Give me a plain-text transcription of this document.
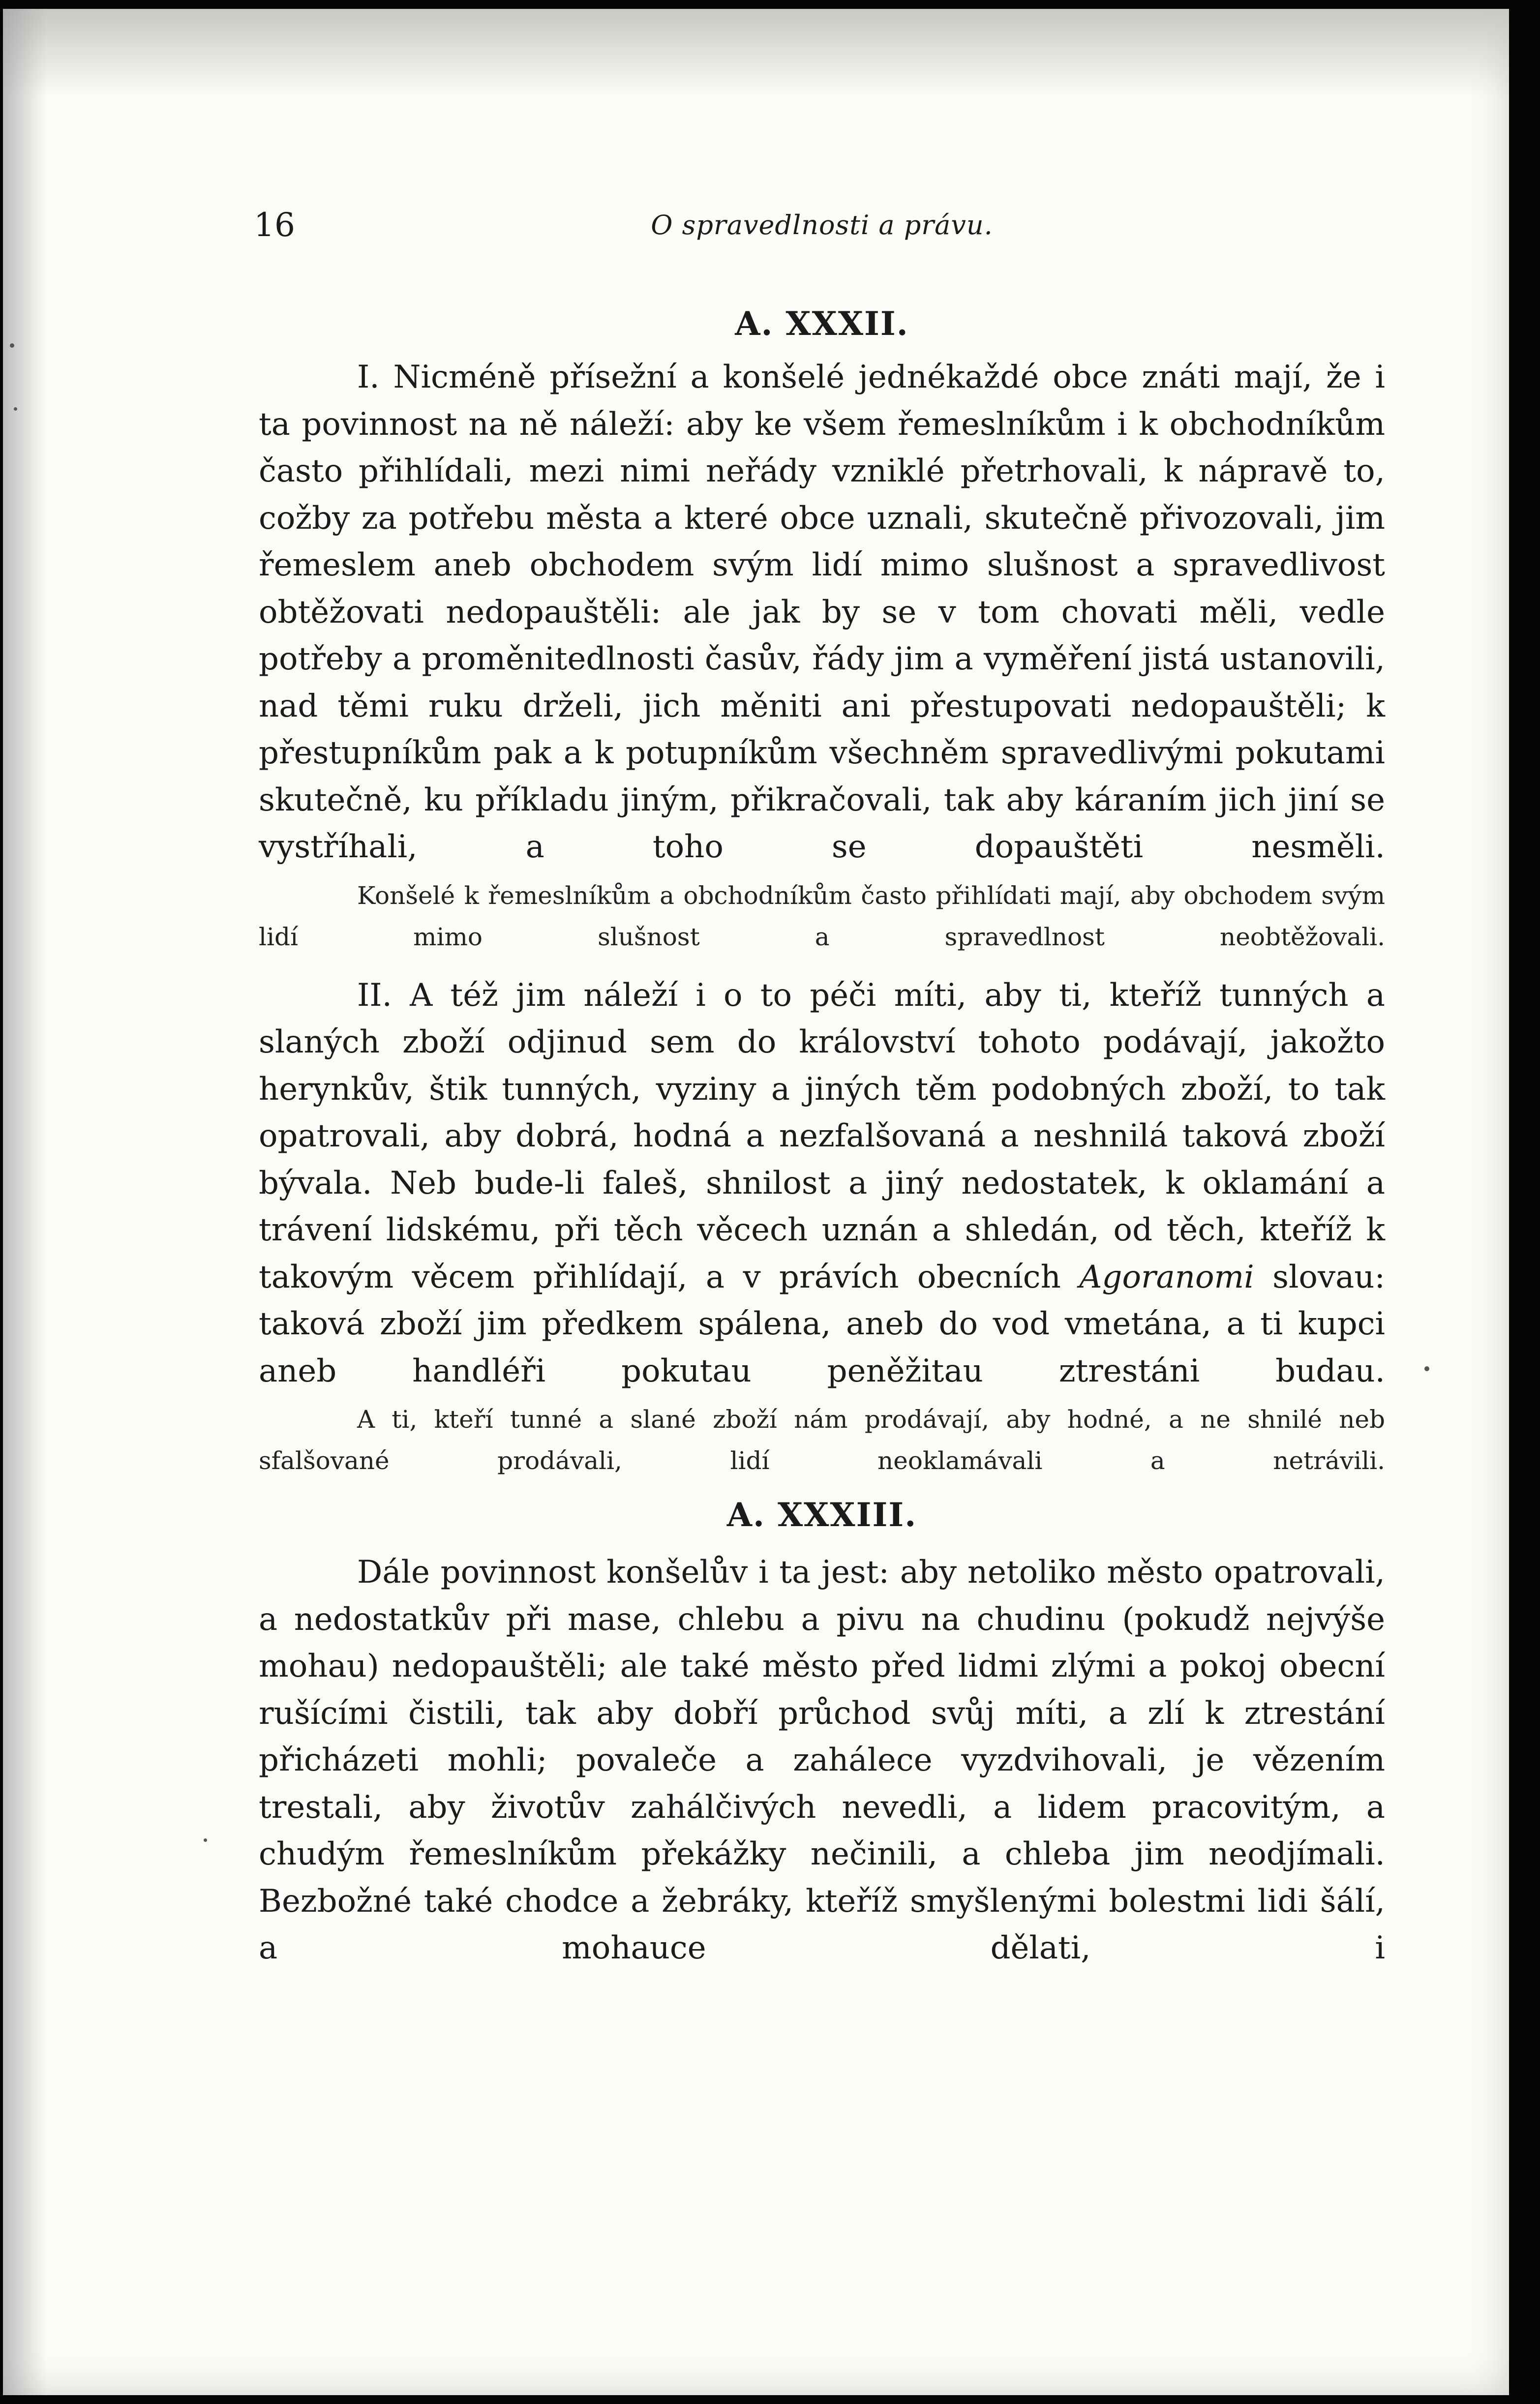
16	O spravedlnosti a právu.
A. XXXII.

I. Nicméně přísežní a konšelé jednékaždé obce znáti mají, že i ta povinnost na ně náleží: aby ke všem řemeslníkům i k obchodníkům často přihlídali, mezi nimi neřády vzniklé přetrhovali, k nápravě to, cožby za potřebu města a které obce uznali, skutečně přivozovali, jim řemeslem aneb obchodem svým lidí mimo slušnost a spravedlivost obtěžovati nedopauštěli: ale jak by se v tom chovati měli, vedle potřeby a proměnitedlnosti časův, řády jim a vyměření jistá ustanovili, nad těmi ruku drželi, jich měniti ani přestupovati nedopauštěli; k přestupníkům pak a k potupníkům všechněm spravedlivými pokutami skutečně, ku příkladu jiným, přikračovali, tak aby káraním jich jiní se vystříhali, a toho se dopauštěti nesměli.

Konšelé k řemeslníkům a obchodníkům často přihlídati mají, aby obchodem svým lidí mimo slušnost a spravedlnost neobtěžovali.

II. A též jim náleží i o to péči míti, aby ti, kteříž tunných a slaných zboží odjinud sem do království tohoto podávají, jakožto herynkův, štik tunných, vyziny a jiných těm podobných zboží, to tak opatrovali, aby dobrá, hodná a nezfalšovaná a neshnilá taková zboží bývala. Neb bude-li faleš, shnilost a jiný nedostatek, k oklamání a trávení lidskému, při těch věcech uznán a shledán, od těch, kteříž k takovým věcem přihlídají, a v právích obecních Agoranomi slovau: taková zboží jim předkem spálena, aneb do vod vmetána, a ti kupci aneb handléři pokutau peněžitau ztrestáni budau.

A ti, kteří tunné a slané zboží nám prodávají, aby hodné, a ne shnilé neb sfalšované prodávali, lidí neoklamávali a netrávili.

A. XXXIII.

Dále povinnost konšelův i ta jest: aby netoliko město opatrovali, a nedostatkův při mase, chlebu a pivu na chudinu (pokudž nejvýše mohau) nedopauštěli; ale také město před lidmi zlými a pokoj obecní rušícími čistili, tak aby dobří průchod svůj míti, a zlí k ztrestání přicházeti mohli; povaleče a zahálece vyzdvihovali, je vězením trestali, aby životův zahálčivých nevedli, a lidem pracovitým, a chudým řemeslníkům překážky nečinili, a chleba jim neodjímali. Bezbožné také chodce a žebráky, kteříž smyšlenými bolestmi lidi šálí, a mohauce dělati, i
